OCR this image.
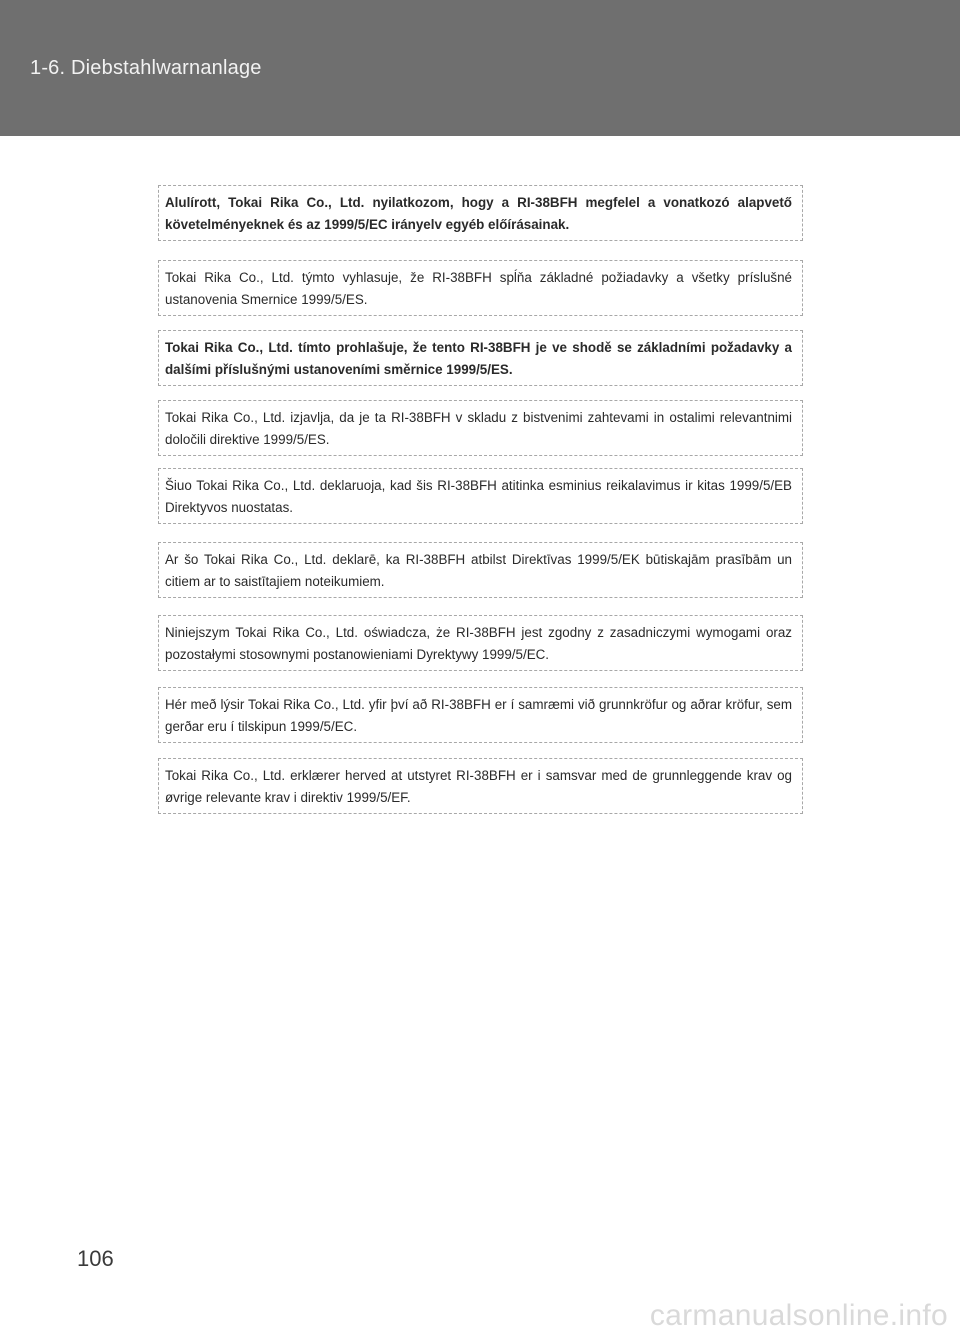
1-6. Diebstahlwarnanlage
Alulírott, Tokai Rika Co., Ltd. nyilatkozom, hogy a RI-38BFH megfelel a vonatkozó alapvető követelményeknek és az 1999/5/EC irányelv egyéb előírásainak.
Tokai Rika Co., Ltd. týmto vyhlasuje, že RI-38BFH spĺňa základné požiadavky a všetky príslušné ustanovenia Smernice 1999/5/ES.
Tokai Rika Co., Ltd. tímto prohlašuje, že tento RI-38BFH je ve shodě se základními požadavky a dalšími příslušnými ustanoveními směrnice 1999/5/ES.
Tokai Rika Co., Ltd. izjavlja, da je ta RI-38BFH v skladu z bistvenimi zahtevami in ostalimi relevantnimi določili direktive 1999/5/ES.
Šiuo Tokai Rika Co., Ltd. deklaruoja, kad šis RI-38BFH atitinka esminius reikalavimus ir kitas 1999/5/EB Direktyvos nuostatas.
Ar šo Tokai Rika Co., Ltd. deklarē, ka RI-38BFH atbilst Direktīvas 1999/5/EK būtiskajām prasībām un citiem ar to saistītajiem noteikumiem.
Niniejszym Tokai Rika Co., Ltd. oświadcza, że RI-38BFH jest zgodny z zasadniczymi wymogami oraz pozostałymi stosownymi postanowieniami Dyrektywy 1999/5/EC.
Hér með lýsir Tokai Rika Co., Ltd. yfir því að RI-38BFH er í samræmi við grunnkröfur og aðrar kröfur, sem gerðar eru í tilskipun 1999/5/EC.
Tokai Rika Co., Ltd. erklærer herved at utstyret RI-38BFH er i samsvar med de grunnleggende krav og øvrige relevante krav i direktiv 1999/5/EF.
106
carmanualsonline.info
